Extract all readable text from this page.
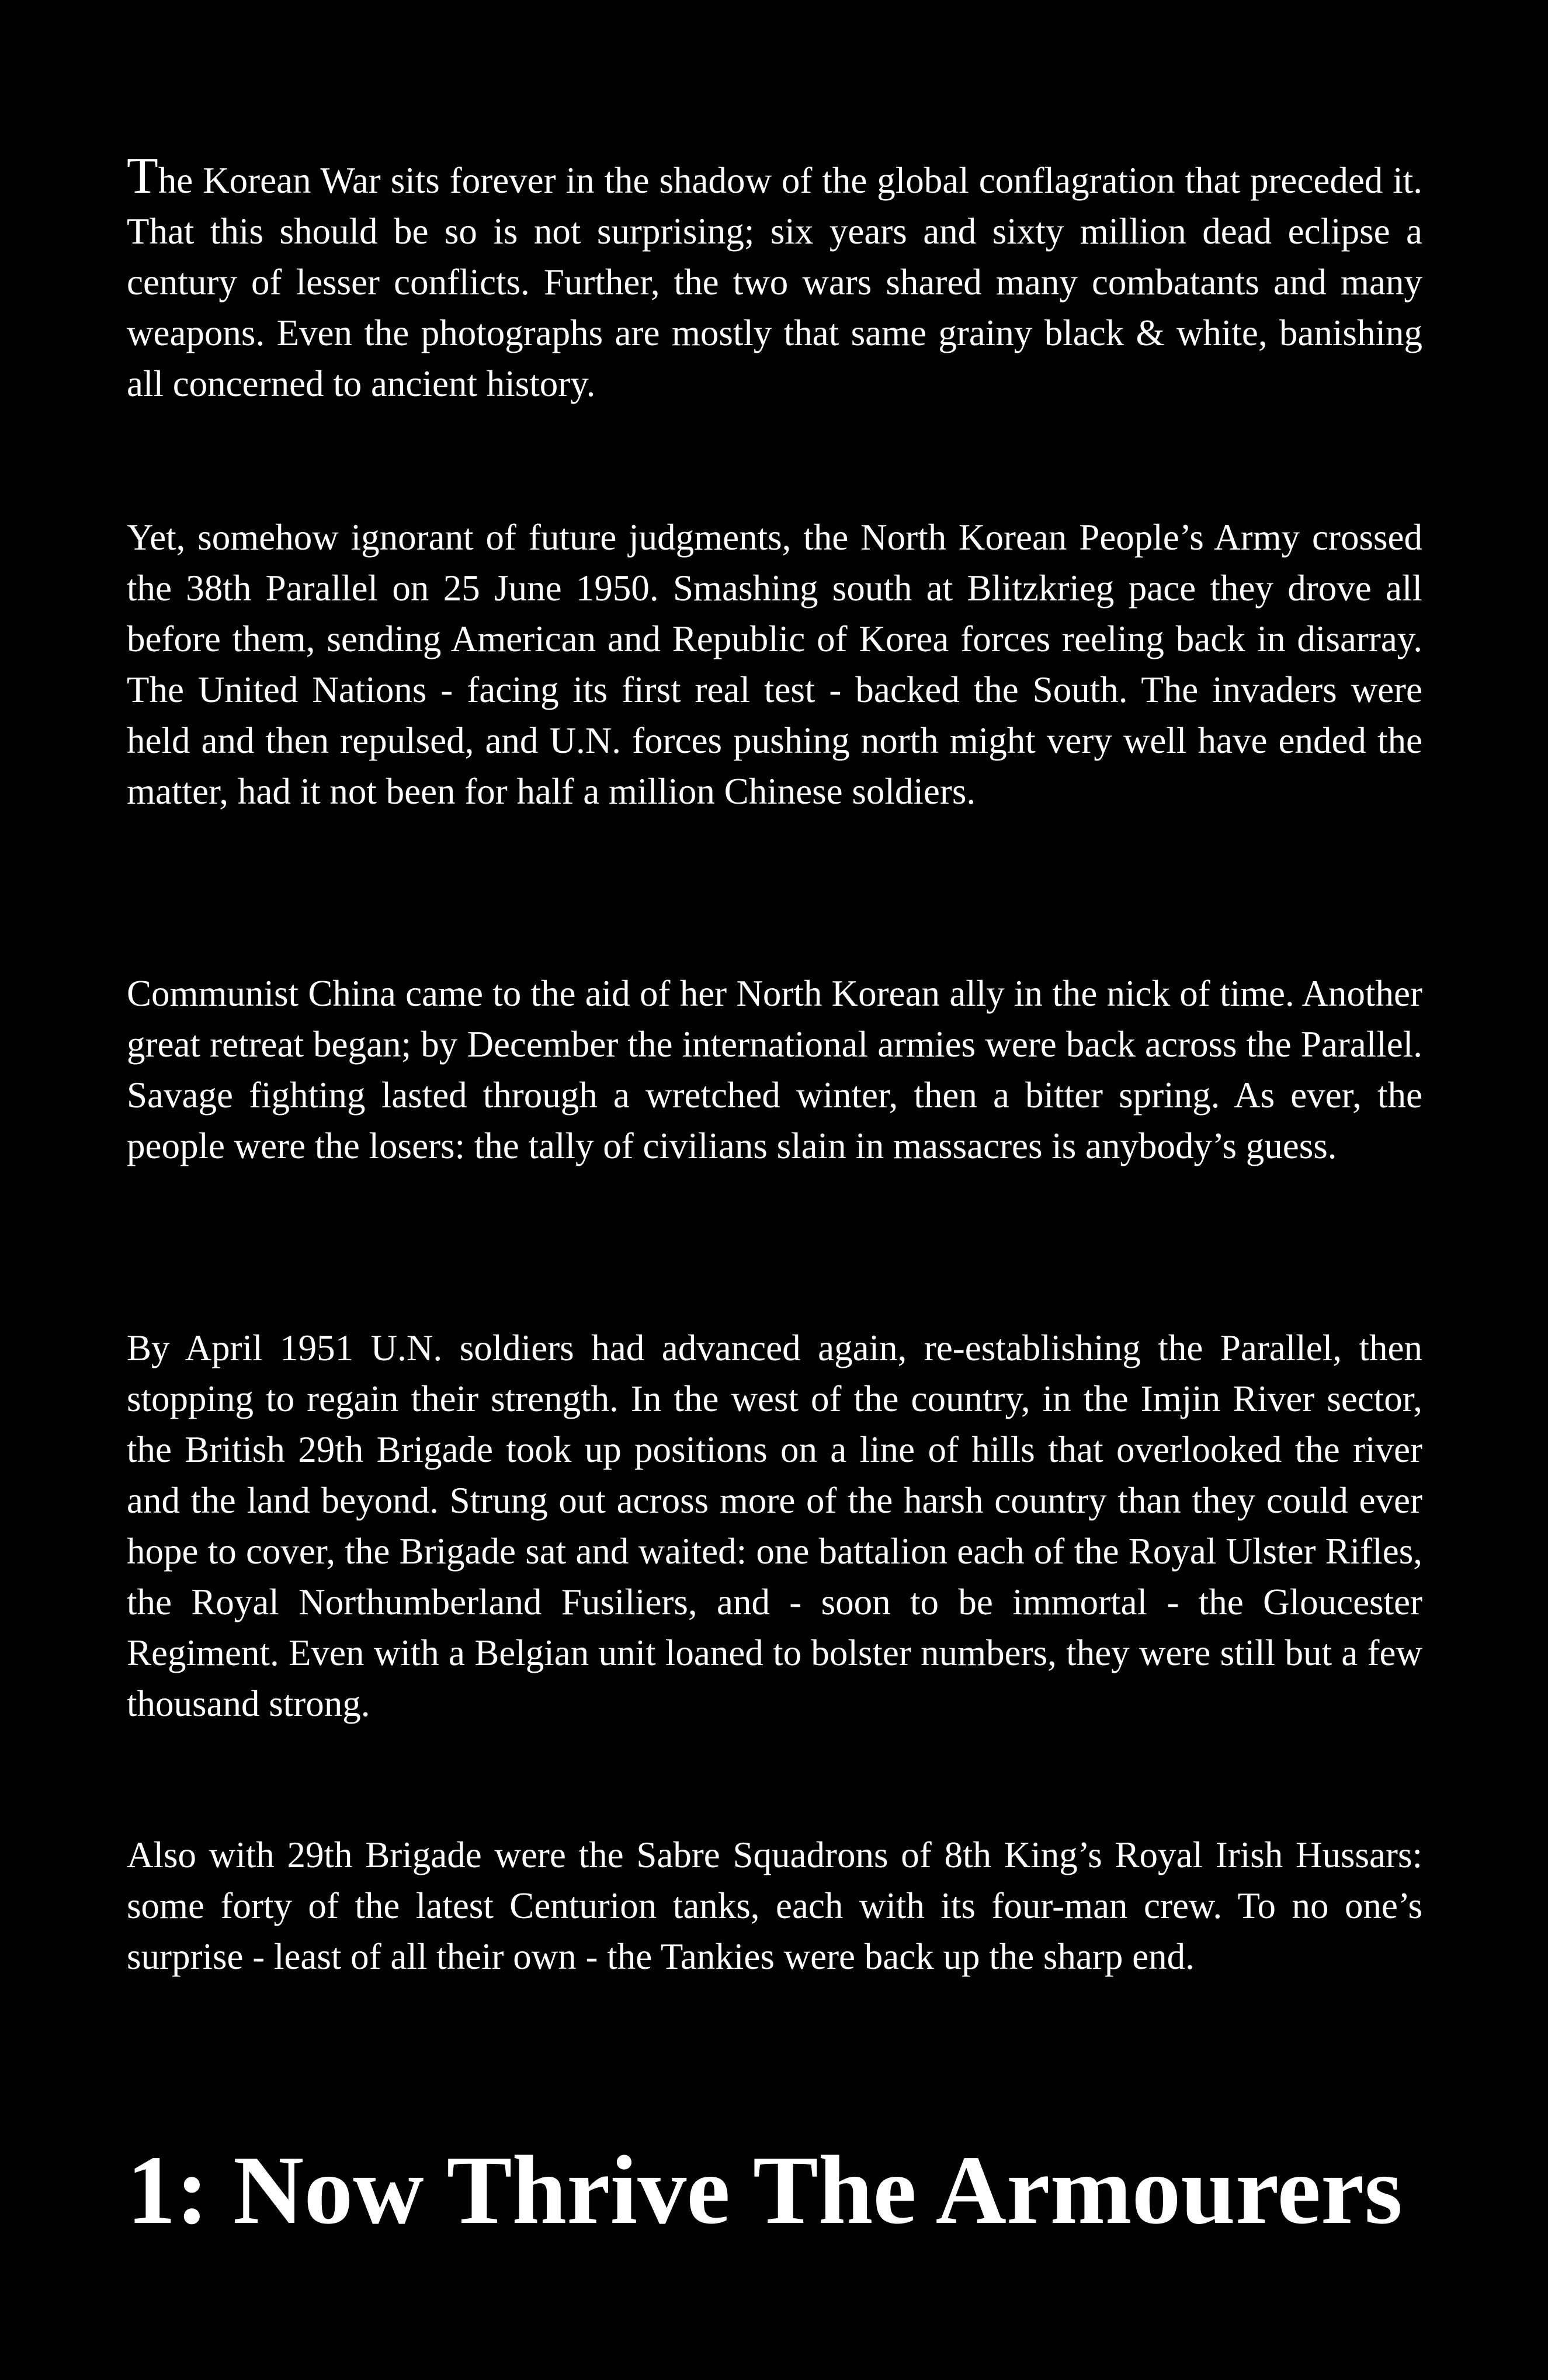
The Korean War sits forever in the shadow of the global conflagration that preceded it. That this should be so is not surprising; six years and sixty million dead eclipse a century of lesser conflicts. Further, the two wars shared many combatants and many weapons. Even the photographs are mostly that same grainy black & white, banishing all concerned to ancient history.

Yet, somehow ignorant of future judgments, the North Korean People’s Army crossed the 38th Parallel on 25 June 1950. Smashing south at Blitzkrieg pace they drove all before them, sending American and Republic of Korea forces reeling back in disarray. The United Nations - facing its first real test - backed the South. The invaders were held and then repulsed, and U.N. forces pushing north might very well have ended the matter, had it not been for half a million Chinese soldiers.

Communist China came to the aid of her North Korean ally in the nick of time. Another great retreat began; by December the international armies were back across the Parallel. Savage fighting lasted through a wretched winter, then a bitter spring. As ever, the people were the losers: the tally of civilians slain in massacres is anybody’s guess.

By April 1951 U.N. soldiers had advanced again, re-establishing the Parallel, then stopping to regain their strength. In the west of the country, in the Imjin River sector, the British 29th Brigade took up positions on a line of hills that overlooked the river and the land beyond. Strung out across more of the harsh country than they could ever hope to cover, the Brigade sat and waited: one battalion each of the Royal Ulster Rifles, the Royal Northumberland Fusiliers, and - soon to be immortal - the Gloucester Regiment. Even with a Belgian unit loaned to bolster numbers, they were still but a few thousand strong.

Also with 29th Brigade were the Sabre Squadrons of 8th King’s Royal Irish Hussars: some forty of the latest Centurion tanks, each with its four-man crew. To no one’s surprise - least of all their own - the Tankies were back up the sharp end.

1: Now Thrive The Armourers
